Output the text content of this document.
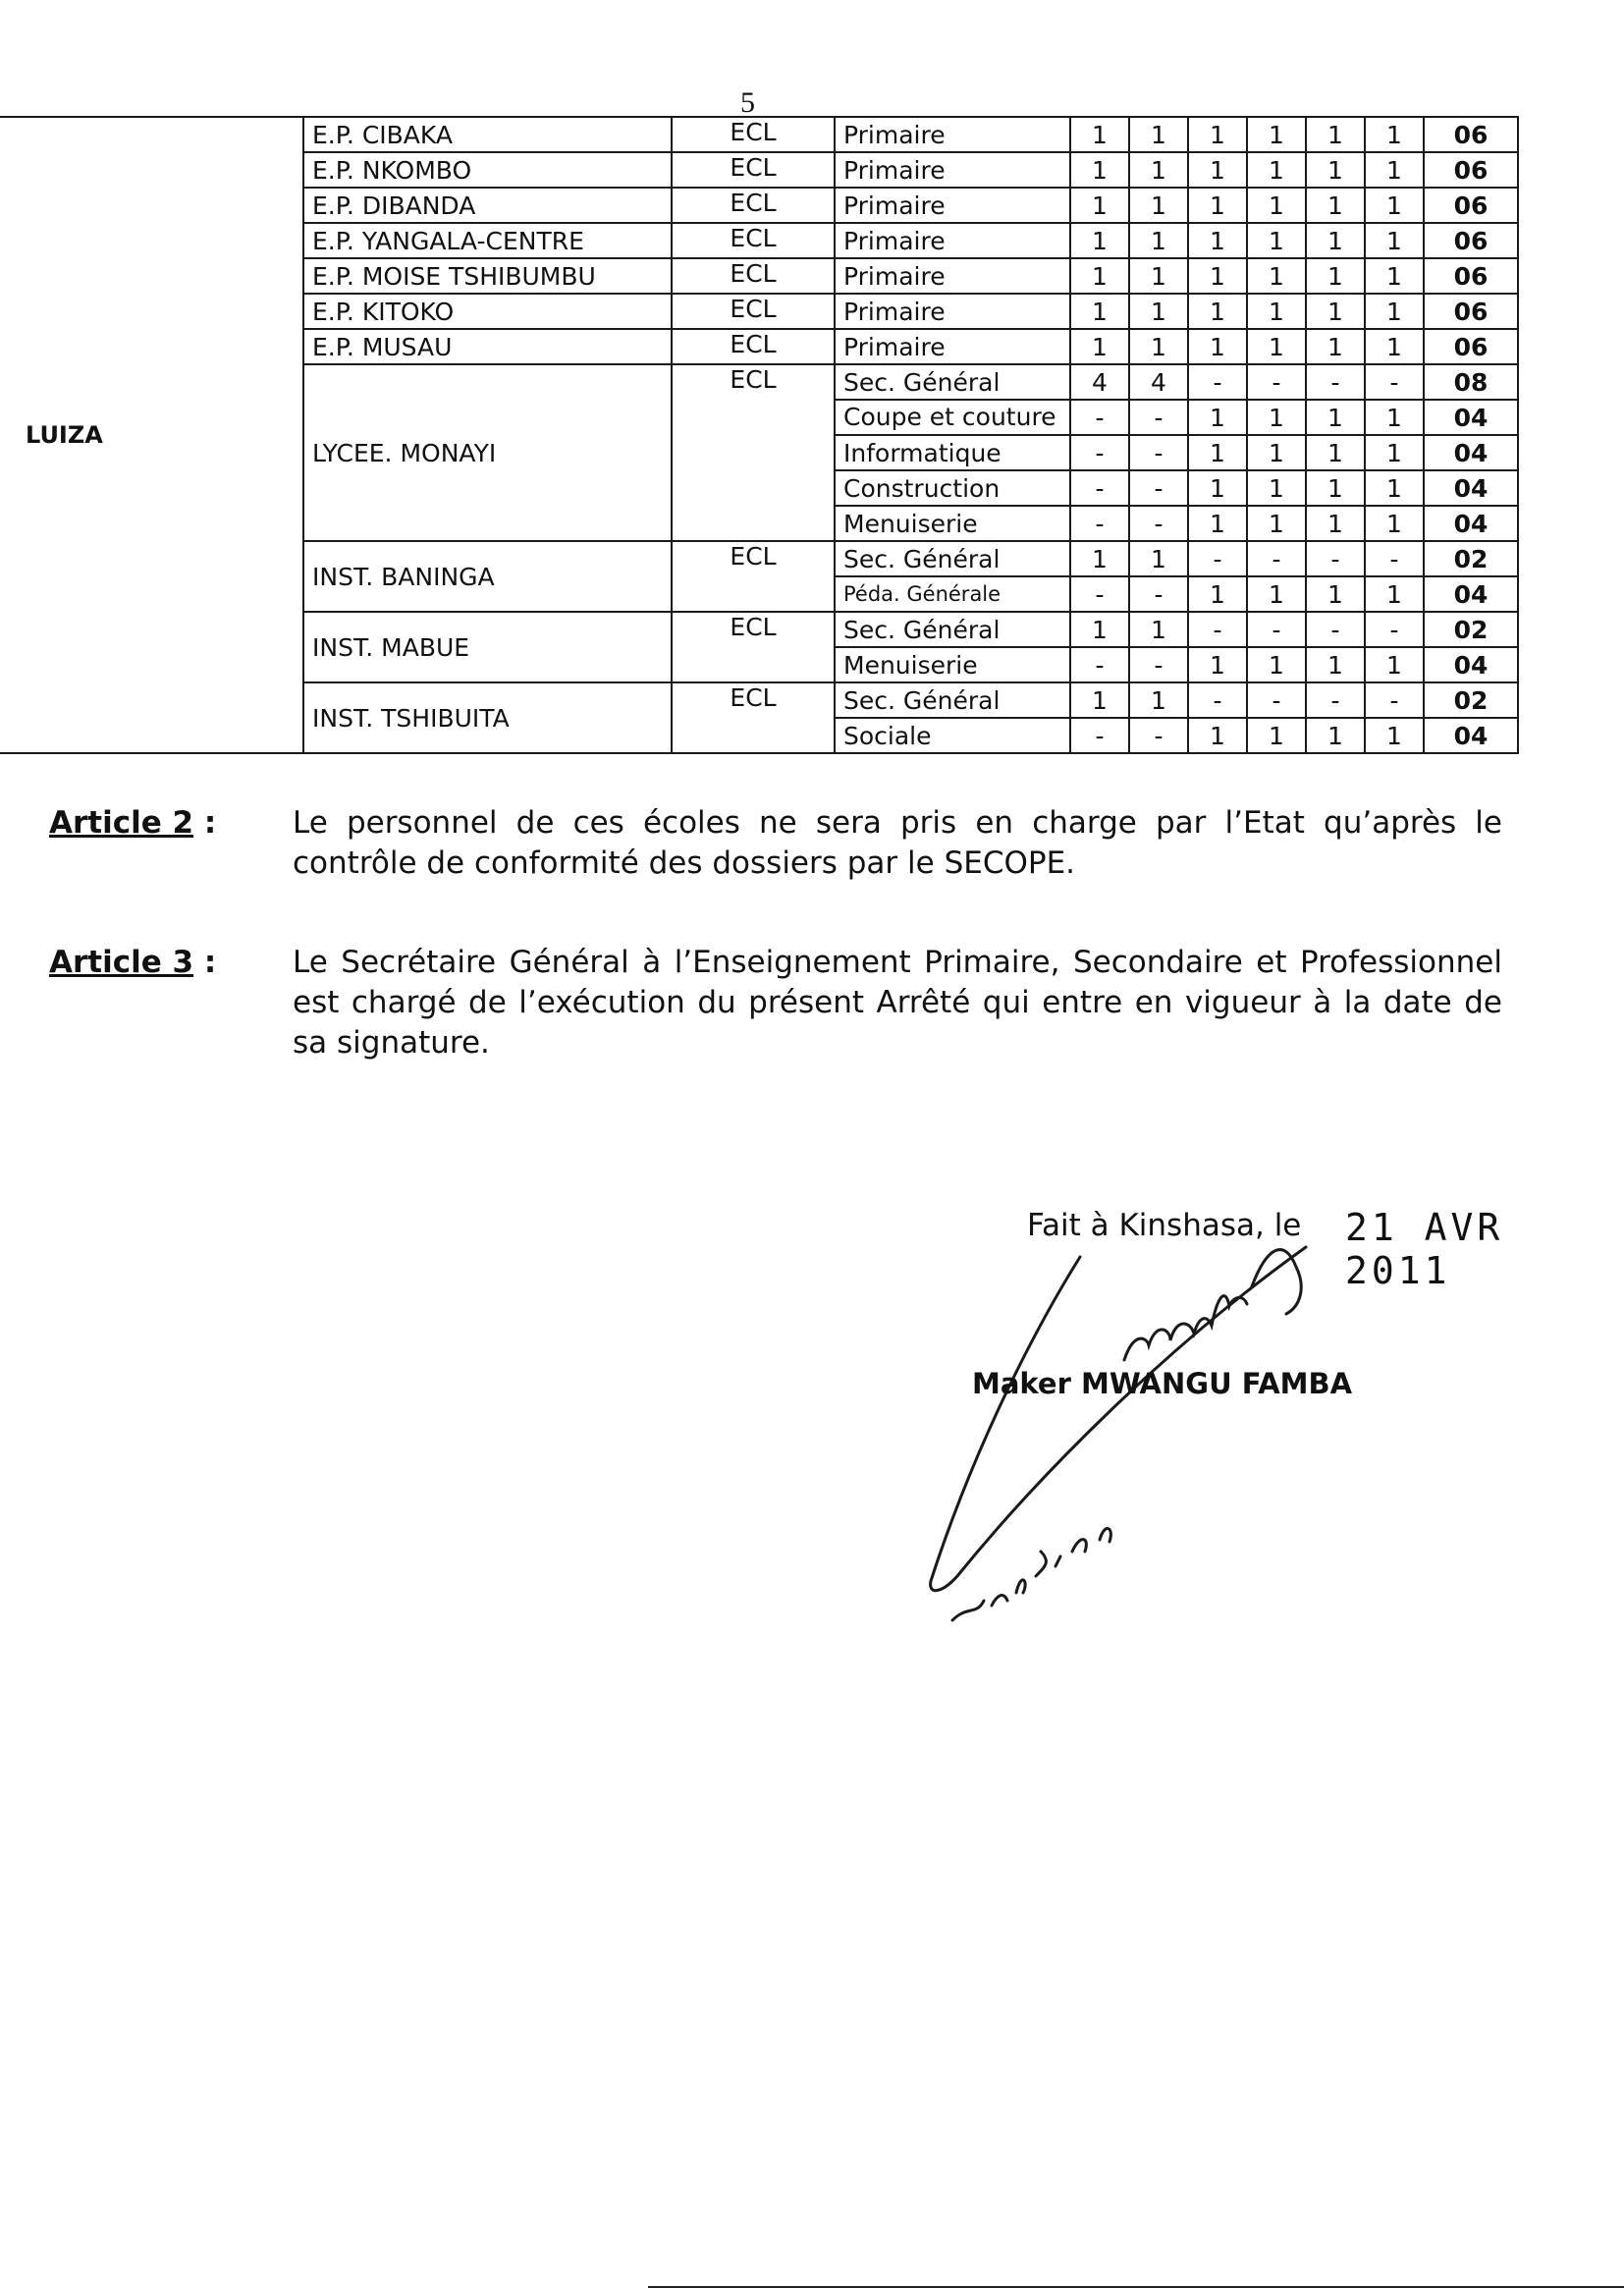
5
LUIZA	E.P. CIBAKA	ECL	Primaire	1	1	1	1	1	1	06
	E.P. NKOMBO	ECL	Primaire	1	1	1	1	1	1	06
	E.P. DIBANDA	ECL	Primaire	1	1	1	1	1	1	06
	E.P. YANGALA-CENTRE	ECL	Primaire	1	1	1	1	1	1	06
	E.P. MOISE TSHIBUMBU	ECL	Primaire	1	1	1	1	1	1	06
	E.P. KITOKO	ECL	Primaire	1	1	1	1	1	1	06
	E.P. MUSAU	ECL	Primaire	1	1	1	1	1	1	06
	LYCEE. MONAYI	ECL	Sec. Général	4	4	-	-	-	-	08
			Coupe et couture	-	-	1	1	1	1	04
			Informatique	-	-	1	1	1	1	04
			Construction	-	-	1	1	1	1	04
			Menuiserie	-	-	1	1	1	1	04
	INST. BANINGA	ECL	Sec. Général	1	1	-	-	-	-	02
			Péda. Générale	-	-	1	1	1	1	04
	INST. MABUE	ECL	Sec. Général	1	1	-	-	-	-	02
			Menuiserie	-	-	1	1	1	1	04
	INST. TSHIBUITA	ECL	Sec. Général	1	1	-	-	-	-	02
			Sociale	-	-	1	1	1	1	04
Article 2 :	Le personnel de ces écoles ne sera pris en charge par l’Etat qu’après le contrôle de conformité des dossiers par le SECOPE.
Article 3 :	Le Secrétaire Général à l’Enseignement Primaire, Secondaire et Professionnel est chargé de l’exécution du présent Arrêté qui entre en vigueur à la date de sa signature.
Fait à Kinshasa, le 21 AVR 2011
Maker MWANGU FAMBA
